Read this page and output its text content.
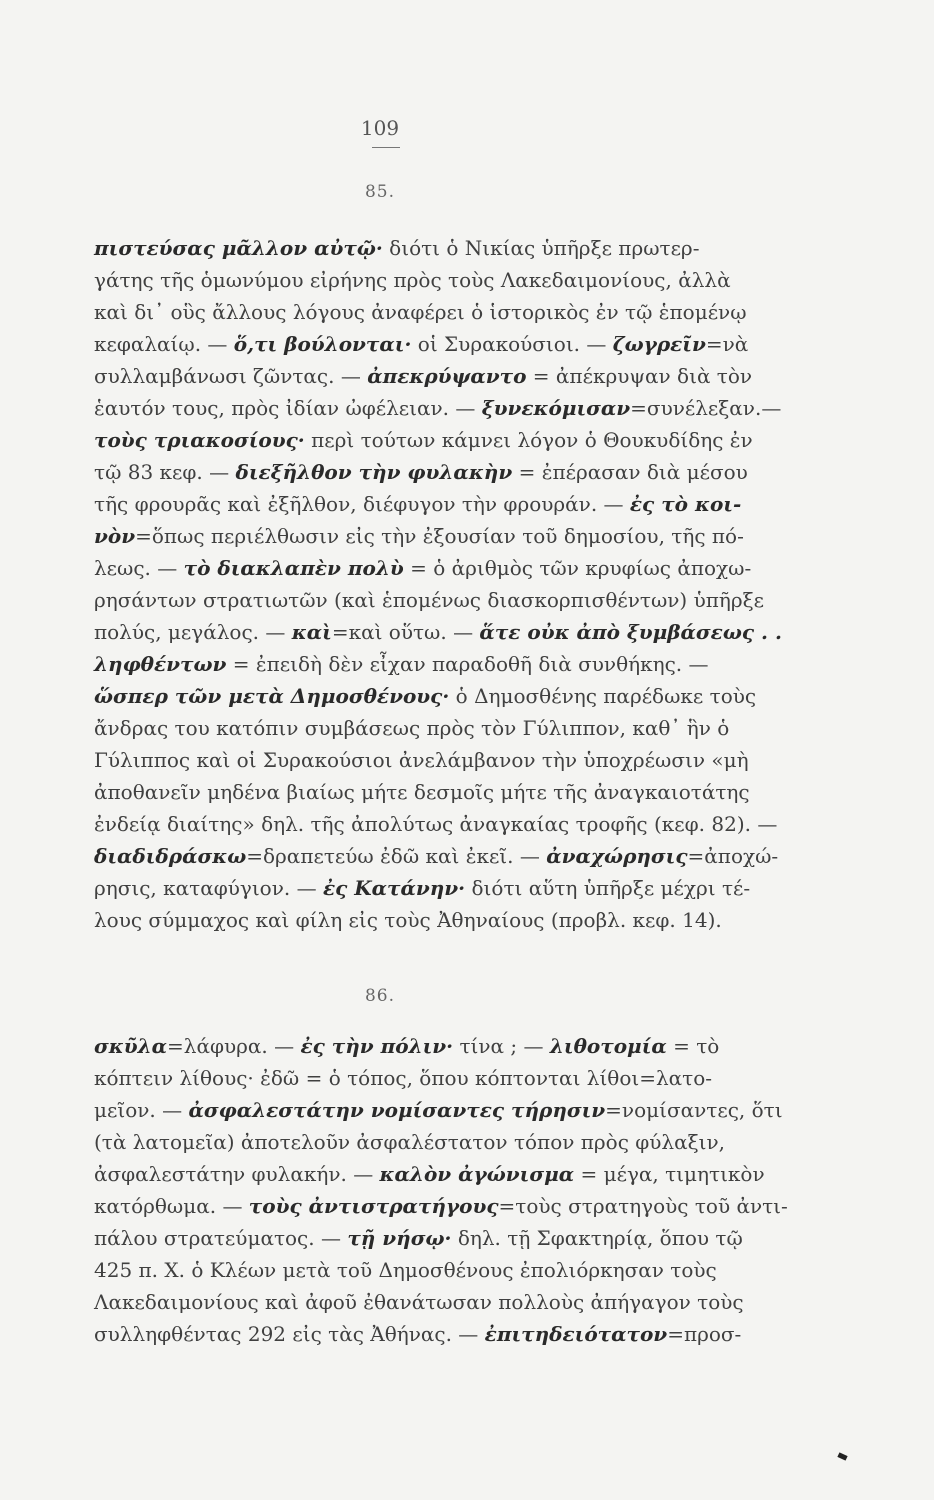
109
85.
πιστεύσας μᾶλλον αὐτῷ· διότι ὁ Νικίας ὑπῆρξε πρωτερ-
γάτης τῆς ὁμωνύμου εἰρήνης πρὸς τοὺς Λακεδαιμονίους, ἀλλὰ
καὶ δι᾽ οὓς ἄλλους λόγους ἀναφέρει ὁ ἱστορικὸς ἐν τῷ ἑπομένῳ
κεφαλαίῳ. — ὅ,τι βούλονται· οἱ Συρακούσιοι. — ζωγρεῖν=νὰ
συλλαμβάνωσι ζῶντας. — ἀπεκρύψαντο = ἀπέκρυψαν διὰ τὸν
ἑαυτόν τους, πρὸς ἰδίαν ὠφέλειαν. — ξυνεκόμισαν=συνέλεξαν.—
τοὺς τριακοσίους· περὶ τούτων κάμνει λόγον ὁ Θουκυδίδης ἐν
τῷ 83 κεφ. — διεξῆλθον τὴν φυλακὴν = ἐπέρασαν διὰ μέσου
τῆς φρουρᾶς καὶ ἐξῆλθον, διέφυγον τὴν φρουράν. — ἐς τὸ κοι-
νὸν=ὅπως περιέλθωσιν εἰς τὴν ἐξουσίαν τοῦ δημοσίου, τῆς πό-
λεως. — τὸ διακλαπὲν πολὺ = ὁ ἀριθμὸς τῶν κρυφίως ἀποχω-
ρησάντων στρατιωτῶν (καὶ ἑπομένως διασκορπισθέντων) ὑπῆρξε
πολύς, μεγάλος. — καὶ=καὶ οὕτω. — ἅτε οὐκ ἀπὸ ξυμβάσεως . .
ληφθέντων = ἐπειδὴ δὲν εἶχαν παραδοθῆ διὰ συνθήκης. —
ὥσπερ τῶν μετὰ Δημοσθένους· ὁ Δημοσθένης παρέδωκε τοὺς
ἄνδρας του κατόπιν συμβάσεως πρὸς τὸν Γύλιππον, καθ᾽ ἣν ὁ
Γύλιππος καὶ οἱ Συρακούσιοι ἀνελάμβανον τὴν ὑποχρέωσιν «μὴ
ἀποθανεῖν μηδένα βιαίως μήτε δεσμοῖς μήτε τῆς ἀναγκαιοτάτης
ἐνδείᾳ διαίτης» δηλ. τῆς ἀπολύτως ἀναγκαίας τροφῆς (κεφ. 82). —
διαδιδράσκω=δραπετεύω ἐδῶ καὶ ἐκεῖ. — ἀναχώρησις=ἀποχώ-
ρησις, καταφύγιον. — ἐς Κατάνην· διότι αὕτη ὑπῆρξε μέχρι τέ-
λους σύμμαχος καὶ φίλη εἰς τοὺς Ἀθηναίους (προβλ. κεφ. 14).
86.
σκῦλα=λάφυρα. — ἐς τὴν πόλιν· τίνα ; — λιθοτομία = τὸ
κόπτειν λίθους· ἐδῶ = ὁ τόπος, ὅπου κόπτονται λίθοι=λατο-
μεῖον. — ἀσφαλεστάτην νομίσαντες τήρησιν=νομίσαντες, ὅτι
(τὰ λατομεῖα) ἀποτελοῦν ἀσφαλέστατον τόπον πρὸς φύλαξιν,
ἀσφαλεστάτην φυλακήν. — καλὸν ἀγώνισμα = μέγα, τιμητικὸν
κατόρθωμα. — τοὺς ἀντιστρατήγους=τοὺς στρατηγοὺς τοῦ ἀντι-
πάλου στρατεύματος. — τῇ νήσῳ· δηλ. τῇ Σφακτηρίᾳ, ὅπου τῷ
425 π. Χ. ὁ Κλέων μετὰ τοῦ Δημοσθένους ἐπολιόρκησαν τοὺς
Λακεδαιμονίους καὶ ἀφοῦ ἐθανάτωσαν πολλοὺς ἀπήγαγον τοὺς
συλληφθέντας 292 εἰς τὰς Ἀθήνας. — ἐπιτηδειότατον=προσ-
